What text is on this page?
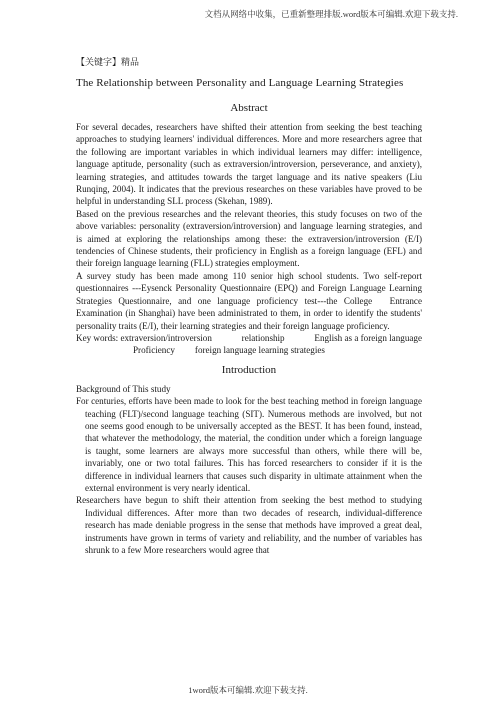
文档从网络中收集，已重新整理排版.word版本可编辑.欢迎下载支持.
【关键字】精品
The Relationship between Personality and Language Learning Strategies
Abstract

For several decades, researchers have shifted their attention from seeking the best teaching approaches to studying learners' individual differences. More and more researchers agree that the following are important variables in which individual learners may differ: intelligence, language aptitude, personality (such as extraversion/introversion, perseverance, and anxiety), learning strategies, and attitudes towards the target language and its native speakers (Liu Runqing, 2004). It indicates that the previous researches on these variables have proved to be helpful in understanding SLL process (Skehan, 1989).

Based on the previous researches and the relevant theories, this study focuses on two of the above variables: personality (extraversion/introversion) and language learning strategies, and is aimed at exploring the relationships among these: the extraversion/introversion (E/I) tendencies of Chinese students, their proficiency in English as a foreign language (EFL) and their foreign language learning (FLL) strategies employment.

A survey study has been made among 110 senior high school students. Two self-report questionnaires ---Eysenck Personality Questionnaire (EPQ) and Foreign Language Learning Strategies Questionnaire, and one language proficiency test---the College　Entrance Examination (in Shanghai) have been administrated to them, in order to identify the students' personality traits (E/I), their learning strategies and their foreign language proficiency.

Key words: extraversion/introversion	relationship	English as a foreign language
Proficiency foreign language learning strategies
Introduction
Background of This study

For centuries, efforts have been made to look for the best teaching method in foreign language teaching (FLT)/second language teaching (SIT). Numerous methods are involved, but not one seems good enough to be universally accepted as the BEST. It has been found, instead, that whatever the methodology, the material, the condition under which a foreign language is taught, some learners are always more successful than others, while there will be, invariably, one or two total failures. This has forced researchers to consider if it is the difference in individual learners that causes such disparity in ultimate attainment when the external environment is very nearly identical.

Researchers have begun to shift their attention from seeking the best method to studying Individual differences. After more than two decades of research, individual-difference research has made deniable progress in the sense that methods have improved a great deal, instruments have grown in terms of variety and reliability, and the number of variables has shrunk to a few More researchers would agree that

1word版本可编辑.欢迎下载支持.
